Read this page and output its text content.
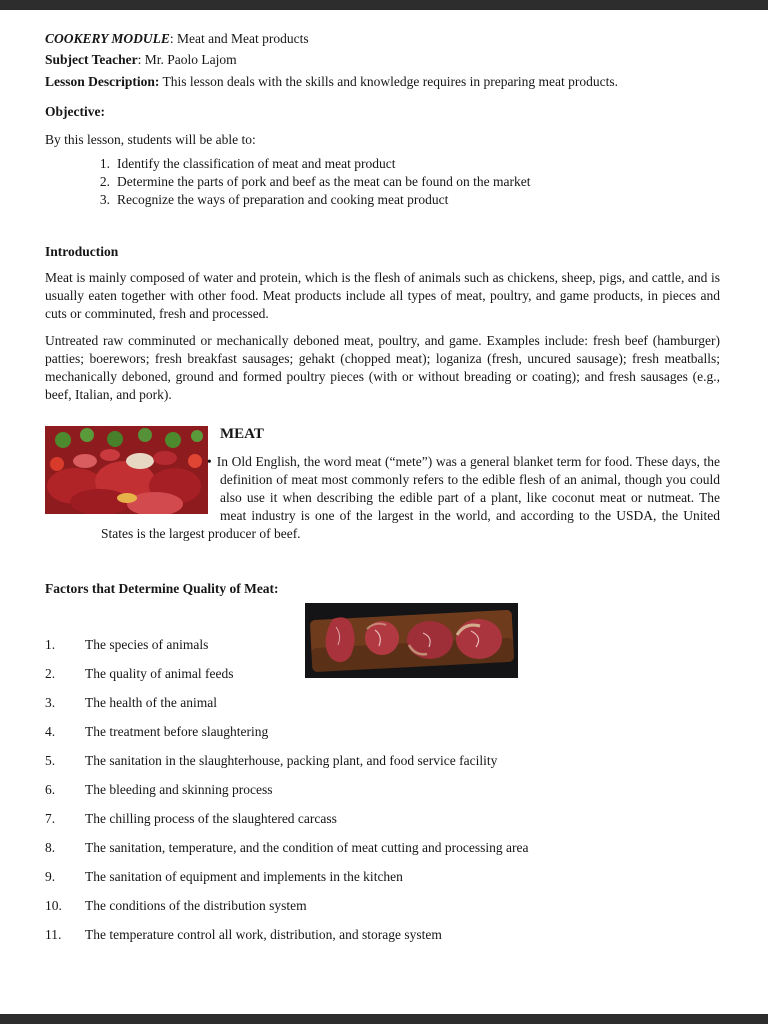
COOKERY MODULE: Meat and Meat products

Subject Teacher: Mr. Paolo Lajom

Lesson Description: This lesson deals with the skills and knowledge requires in preparing meat products.

Objective:

By this lesson, students will be able to:

1. Identify the classification of meat and meat product
2. Determine the parts of pork and beef as the meat can be found on the market
3. Recognize the ways of preparation and cooking meat product

Introduction

Meat is mainly composed of water and protein, which is the flesh of animals such as chickens, sheep, pigs, and cattle, and is usually eaten together with other food. Meat products include all types of meat, poultry, and game products, in pieces and cuts or comminuted, fresh and processed.

Untreated raw comminuted or mechanically deboned meat, poultry, and game. Examples include: fresh beef (hamburger) patties; boerewors; fresh breakfast sausages; gehakt (chopped meat); loganiza (fresh, uncured sausage); fresh meatballs; mechanically deboned, ground and formed poultry pieces (with or without breading or coating); and fresh sausages (e.g., beef, Italian, and pork).

MEAT

• In Old English, the word meat (“mete”) was a general blanket term for food. These days, the definition of meat most commonly refers to the edible flesh of an animal, though you could also use it when describing the edible part of a plant, like coconut meat or nutmeat. The meat industry is one of the largest in the world, and according to the USDA, the United States is the largest producer of beef.

Factors that Determine Quality of Meat:

1.	The species of animals
2.	The quality of animal feeds
3.	The health of the animal
4.	The treatment before slaughtering
5.	The sanitation in the slaughterhouse, packing plant, and food service facility
6.	The bleeding and skinning process
7.	The chilling process of the slaughtered carcass
8.	The sanitation, temperature, and the condition of meat cutting and processing area
9.	The sanitation of equipment and implements in the kitchen
10.	The conditions of the distribution system
11.	The temperature control all work, distribution, and storage system
